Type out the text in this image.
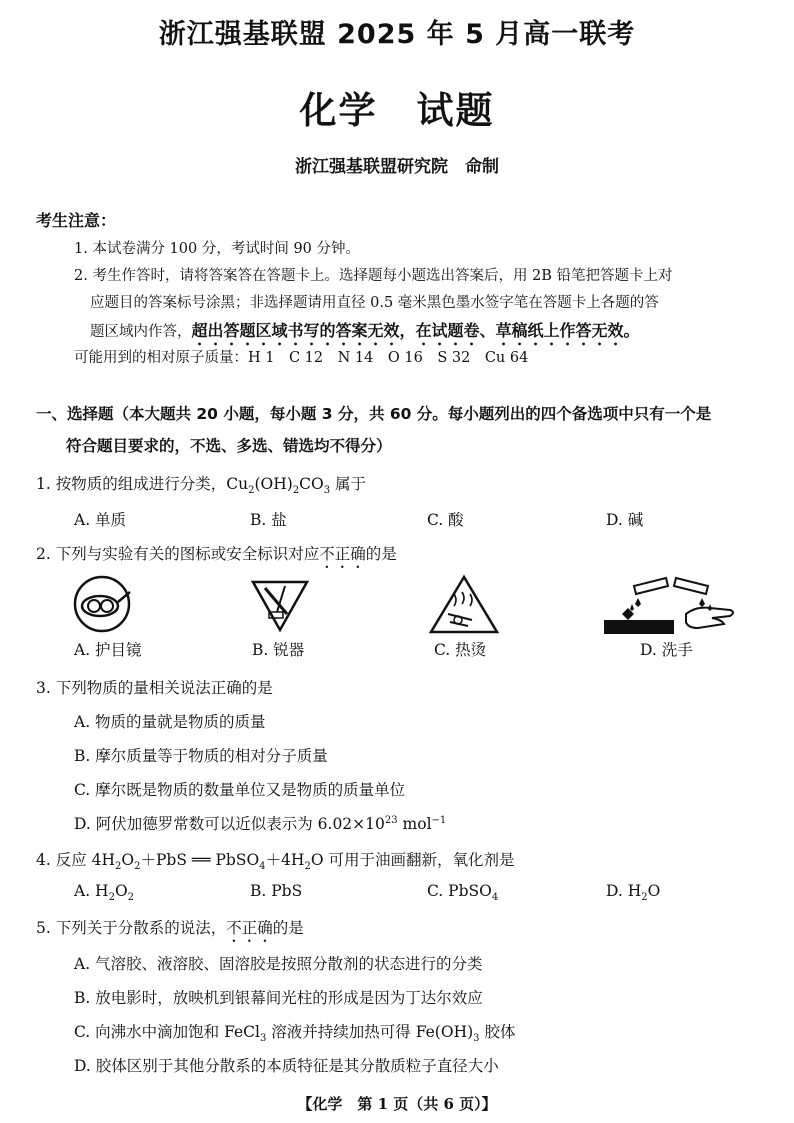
浙江强基联盟 2025 年 5 月高一联考
化学　试题
浙江强基联盟研究院　命制
考生注意：
1. 本试卷满分 100 分，考试时间 90 分钟。
2. 考生作答时，请将答案答在答题卡上。选择题每小题选出答案后，用 2B 铅笔把答题卡上对
应题目的答案标号涂黑；非选择题请用直径 0.5 毫米黑色墨水签字笔在答题卡上各题的答
题区域内作答，超出答题区域书写的答案无效，在试题卷、草稿纸上作答无效。
可能用到的相对原子质量：H 1　C 12　N 14　O 16　S 32　Cu 64
一、选择题（本大题共 20 小题，每小题 3 分，共 60 分。每小题列出的四个备选项中只有一个是
符合题目要求的，不选、多选、错选均不得分）
1. 按物质的组成进行分类，$Cu_2(OH)_2CO_3$ 属于
A. 单质	B. 盐	C. 酸	D. 碱
2. 下列与实验有关的图标或安全标识对应不正确的是
A. 护目镜	B. 锐器	C. 热烫	D. 洗手
3. 下列物质的量相关说法正确的是
A. 物质的量就是物质的质量
B. 摩尔质量等于物质的相对分子质量
C. 摩尔既是物质的数量单位又是物质的质量单位
D. 阿伏加德罗常数可以近似表示为 $6.02\times 10^{23}$ mol$^{-1}$
4. 反应 $4H_2O_2+PbS$ ══ $PbSO_4+4H_2O$ 可用于油画翻新，氧化剂是
A. $H_2O_2$	B. PbS	C. PbSO$_4$	D. $H_2O$
5. 下列关于分散系的说法，不正确的是
A. 气溶胶、液溶胶、固溶胶是按照分散剂的状态进行的分类
B. 放电影时，放映机到银幕间光柱的形成是因为丁达尔效应
C. 向沸水中滴加饱和 FeCl$_3$ 溶液并持续加热可得 $Fe(OH)_3$ 胶体
D. 胶体区别于其他分散系的本质特征是其分散质粒子直径大小
【化学　第 1 页（共 6 页）】
